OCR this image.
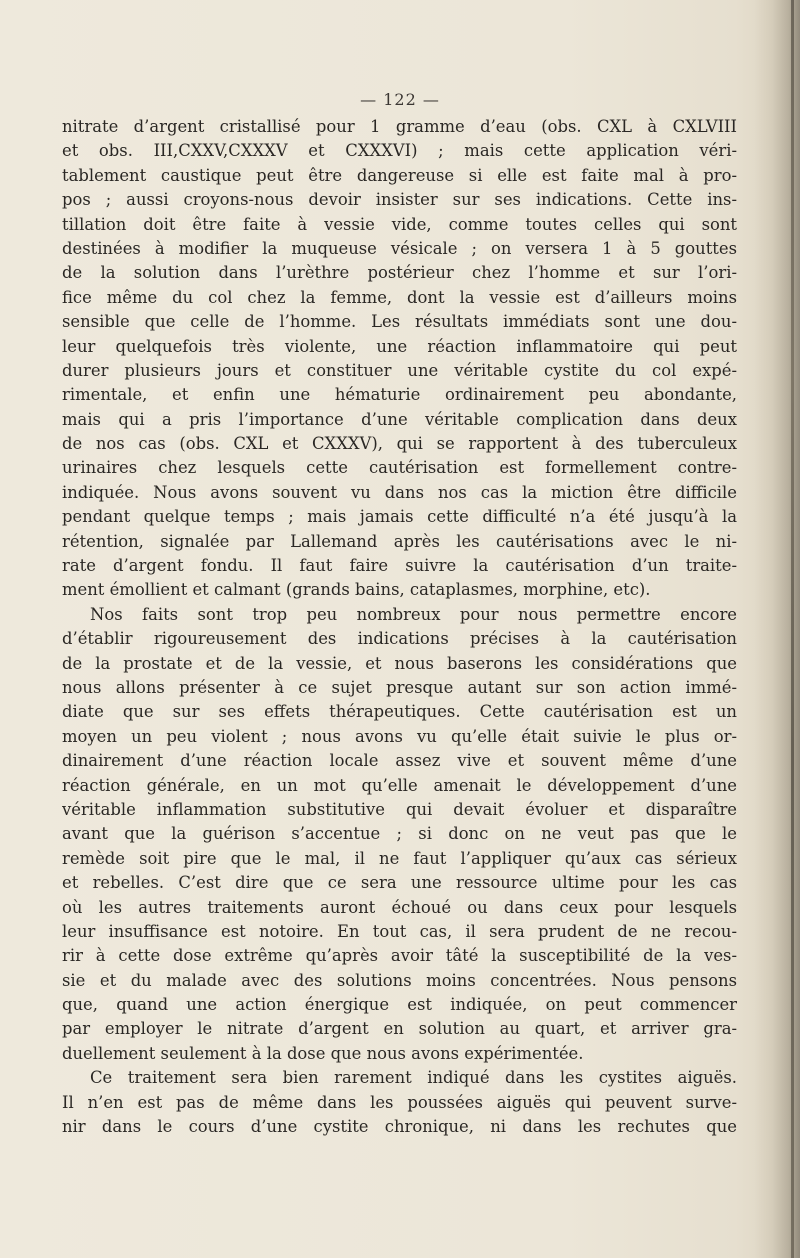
— 122 —
nitrate d’argent cristallisé pour 1 gramme d’eau (obs. CXL à CXLVIII
et obs. III,CXXV,CXXXV et CXXXVI) ; mais cette application véri-
tablement caustique peut être dangereuse si elle est faite mal à pro-
pos ; aussi croyons-nous devoir insister sur ses indications. Cette ins-
tillation doit être faite à vessie vide, comme toutes celles qui sont
destinées à modifier la muqueuse vésicale ; on versera 1 à 5 gouttes
de la solution dans l’urèthre postérieur chez l’homme et sur l’ori-
fice même du col chez la femme, dont la vessie est d’ailleurs moins
sensible que celle de l’homme. Les résultats immédiats sont une dou-
leur quelquefois très violente, une réaction inflammatoire qui peut
durer plusieurs jours et constituer une véritable cystite du col expé-
rimentale, et enfin une hématurie ordinairement peu abondante,
mais qui a pris l’importance d’une véritable complication dans deux
de nos cas (obs. CXL et CXXXV), qui se rapportent à des tuberculeux
urinaires chez lesquels cette cautérisation est formellement contre-
indiquée. Nous avons souvent vu dans nos cas la miction être difficile
pendant quelque temps ; mais jamais cette difficulté n’a été jusqu’à la
rétention, signalée par Lallemand après les cautérisations avec le ni-
rate d’argent fondu. Il faut faire suivre la cautérisation d’un traite-
ment émollient et calmant (grands bains, cataplasmes, morphine, etc).
Nos faits sont trop peu nombreux pour nous permettre encore
d’établir rigoureusement des indications précises à la cautérisation
de la prostate et de la vessie, et nous baserons les considérations que
nous allons présenter à ce sujet presque autant sur son action immé-
diate que sur ses effets thérapeutiques. Cette cautérisation est un
moyen un peu violent ; nous avons vu qu’elle était suivie le plus or-
dinairement d’une réaction locale assez vive et souvent même d’une
réaction générale, en un mot qu’elle amenait le développement d’une
véritable inflammation substitutive qui devait évoluer et disparaître
avant que la guérison s’accentue ; si donc on ne veut pas que le
remède soit pire que le mal, il ne faut l’appliquer qu’aux cas sérieux
et rebelles. C’est dire que ce sera une ressource ultime pour les cas
où les autres traitements auront échoué ou dans ceux pour lesquels
leur insuffisance est notoire. En tout cas, il sera prudent de ne recou-
rir à cette dose extrême qu’après avoir tâté la susceptibilité de la ves-
sie et du malade avec des solutions moins concentrées. Nous pensons
que, quand une action énergique est indiquée, on peut commencer
par employer le nitrate d’argent en solution au quart, et arriver gra-
duellement seulement à la dose que nous avons expérimentée.
Ce traitement sera bien rarement indiqué dans les cystites aiguës.
Il n’en est pas de même dans les poussées aiguës qui peuvent surve-
nir dans le cours d’une cystite chronique, ni dans les rechutes que
